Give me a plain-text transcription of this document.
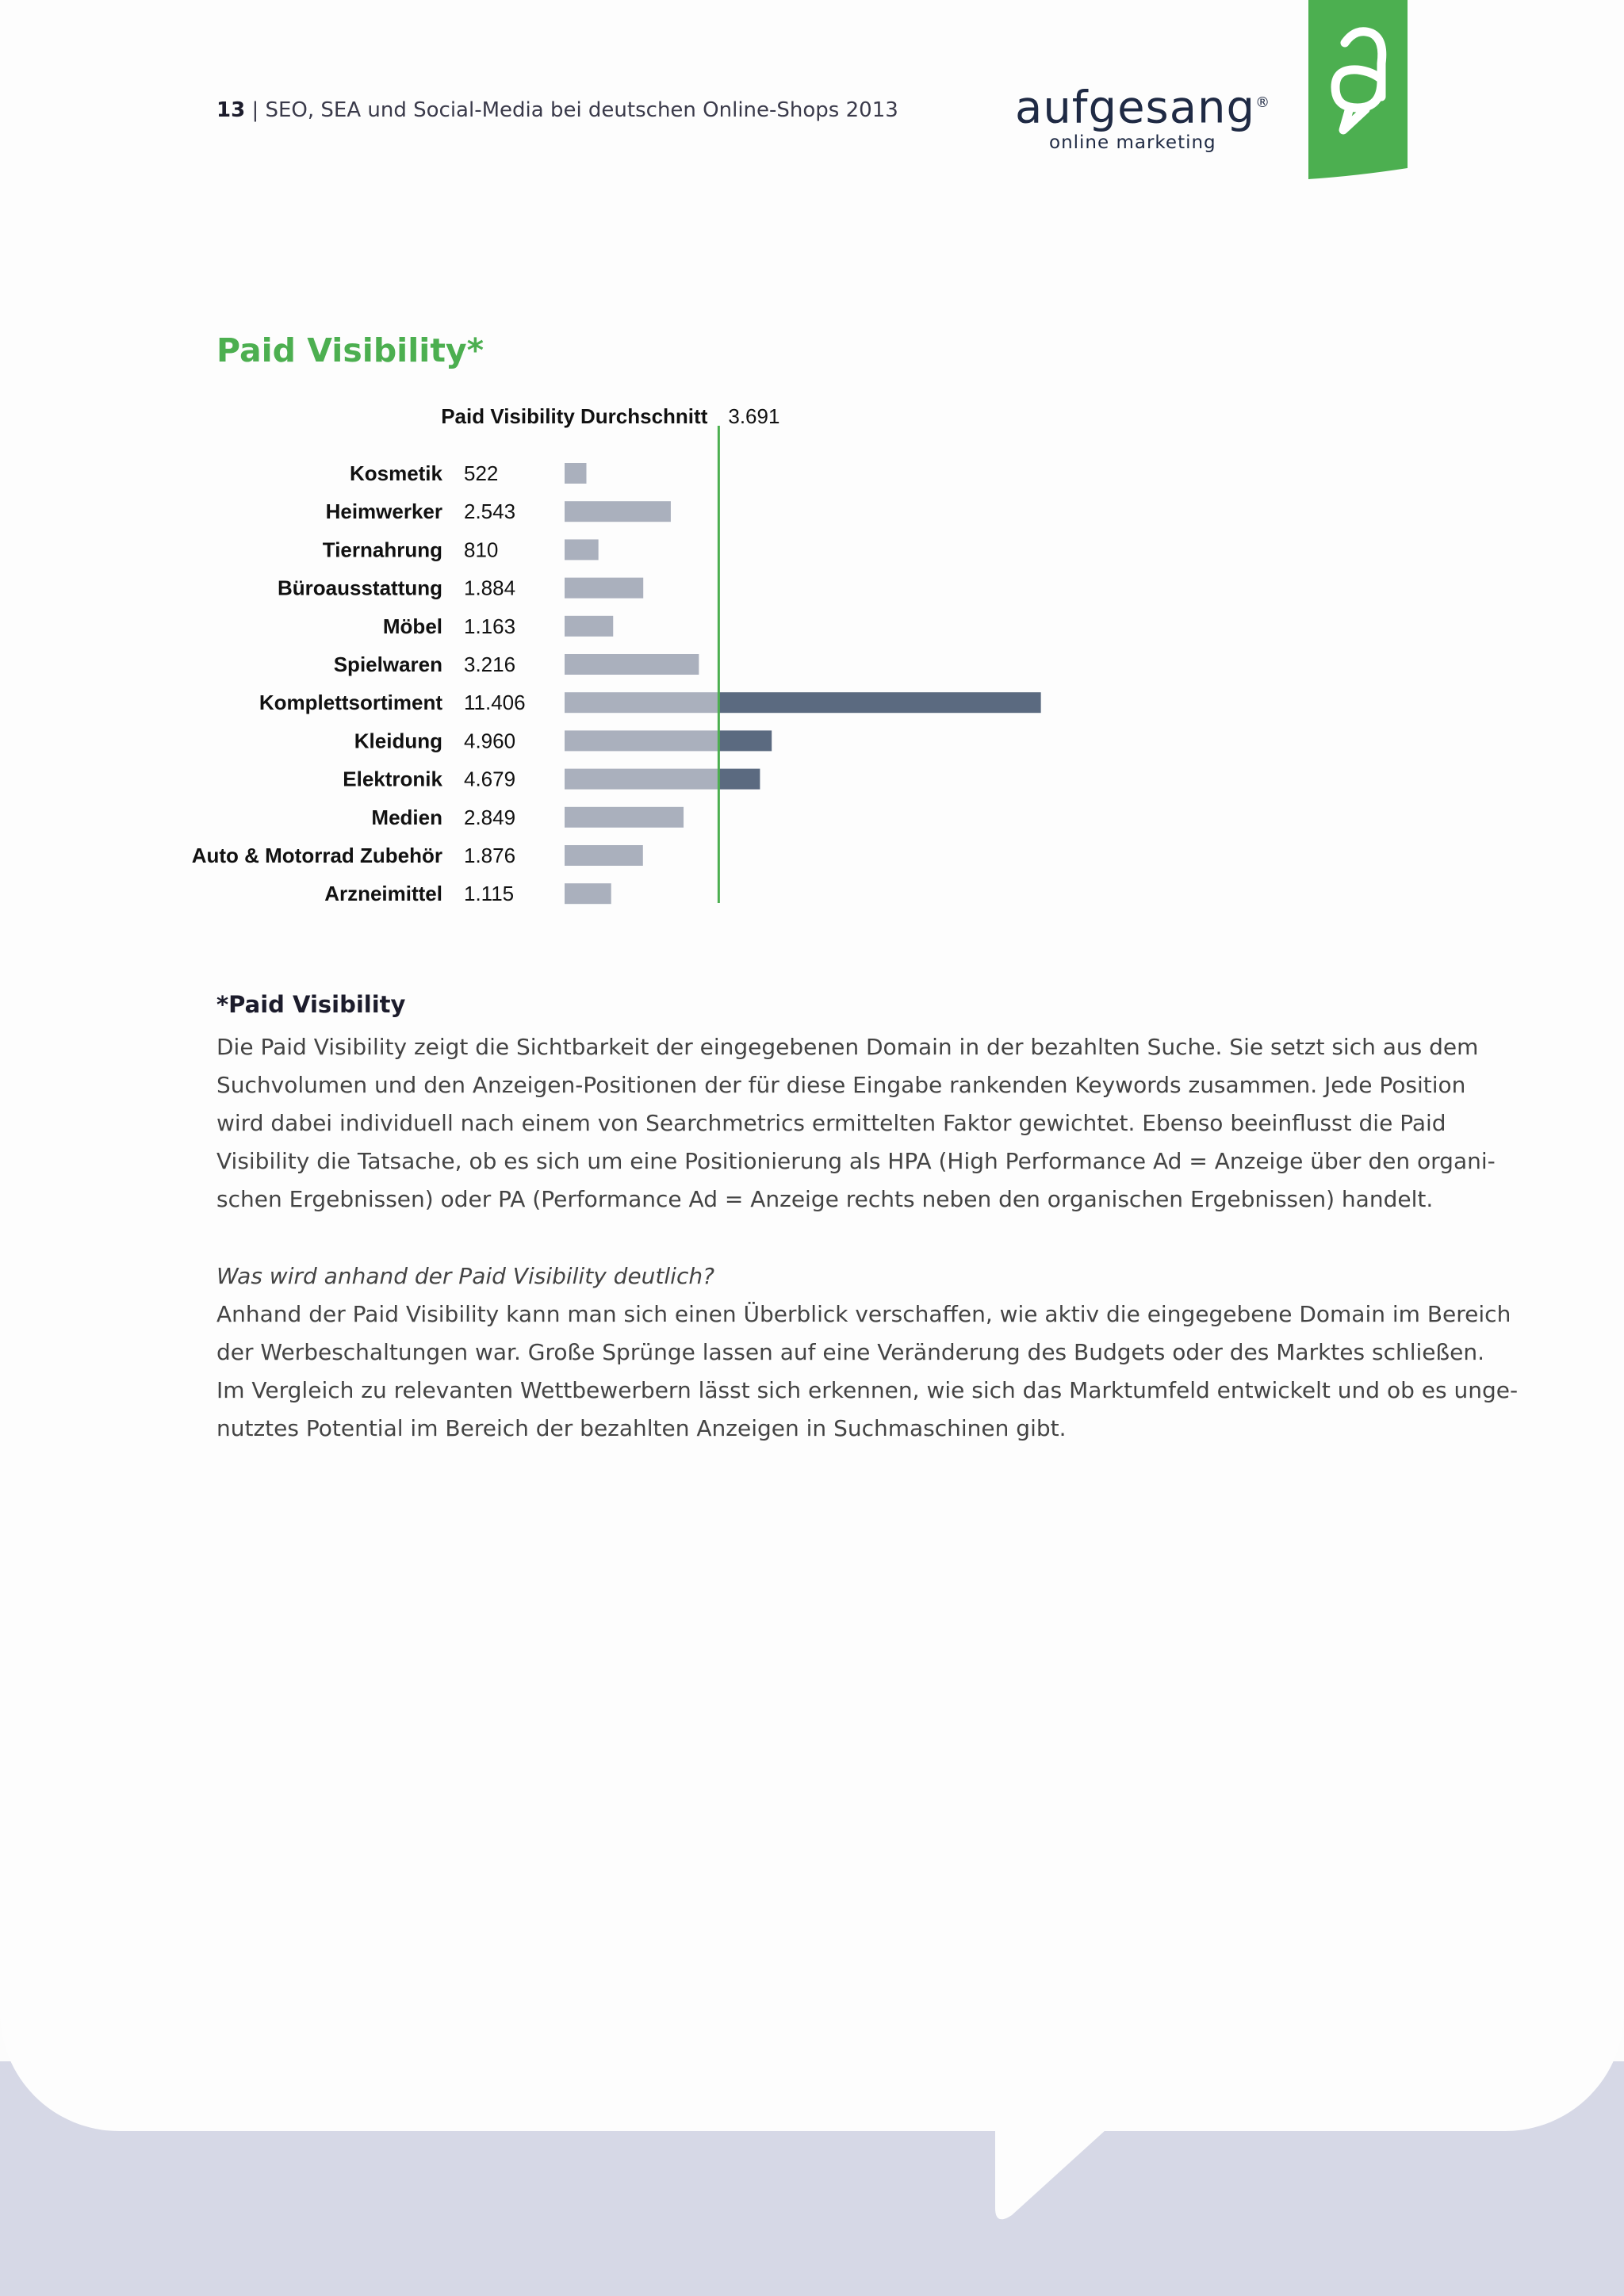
13 | SEO, SEA und Social-Media bei deutschen Online-Shops 2013	aufgesang®
online marketing
Paid Visibility*
Kosmetik 522
Heimwerker 2.543
Tiernahrung 810
Büroausstattung 1.884
Möbel 1.163
Spielwaren 3.216
Komplettsortiment 11.406
Kleidung 4.960
Elektronik 4.679
Medien 2.849
Auto & Motorrad Zubehör 1.876
Arzneimittel 1.115
Paid Visibility Durchschnitt 3.691
*Paid Visibility
Die Paid Visibility zeigt die Sichtbarkeit der eingegebenen Domain in der bezahlten Suche. Sie setzt sich aus dem
Suchvolumen und den Anzeigen-Positionen der für diese Eingabe rankenden Keywords zusammen. Jede Position
wird dabei individuell nach einem von Searchmetrics ermittelten Faktor gewichtet. Ebenso beeinflusst die Paid
Visibility die Tatsache, ob es sich um eine Positionierung als HPA (High Performance Ad = Anzeige über den organi-
schen Ergebnissen) oder PA (Performance Ad = Anzeige rechts neben den organischen Ergebnissen) handelt.
Was wird anhand der Paid Visibility deutlich?
Anhand der Paid Visibility kann man sich einen Überblick verschaffen, wie aktiv die eingegebene Domain im Bereich
der Werbeschaltungen war. Große Sprünge lassen auf eine Veränderung des Budgets oder des Marktes schließen.
Im Vergleich zu relevanten Wettbewerbern lässt sich erkennen, wie sich das Marktumfeld entwickelt und ob es unge-
nutztes Potential im Bereich der bezahlten Anzeigen in Suchmaschinen gibt.
